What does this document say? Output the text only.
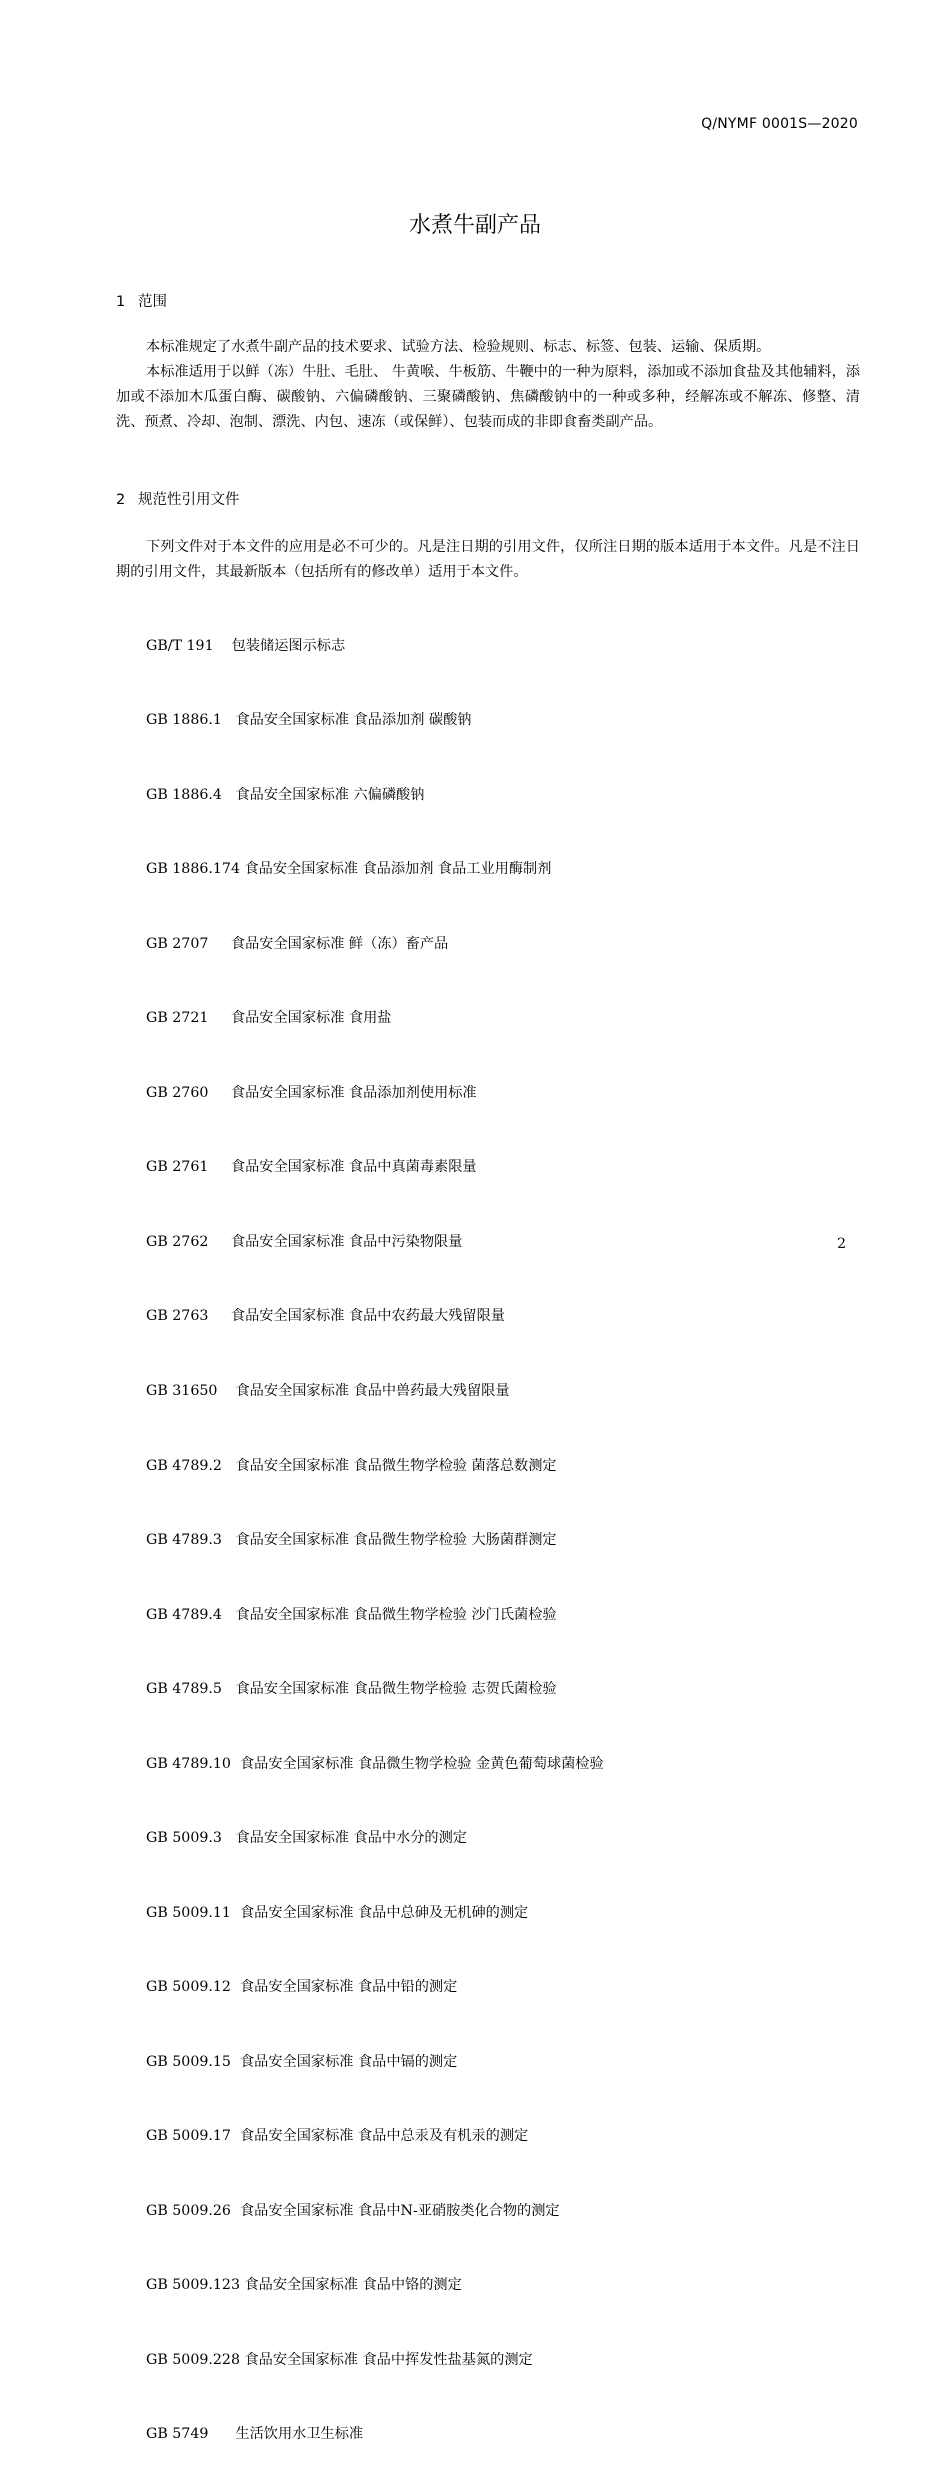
Q/NYMF 0001S—2020
水煮牛副产品
1 范围

本标准规定了水煮牛副产品的技术要求、试验方法、检验规则、标志、标签、包装、运输、保质期。

本标准适用于以鲜（冻）牛肚、毛肚、 牛黄喉、牛板筋、牛鞭中的一种为原料，添加或不添加食盐及其他辅料，添加或不添加木瓜蛋白酶、碳酸钠、六偏磷酸钠、三聚磷酸钠、焦磷酸钠中的一种或多种，经解冻或不解冻、修整、清洗、预煮、冷却、泡制、漂洗、内包、速冻（或保鲜）、包装而成的非即食畜类副产品。

2 规范性引用文件

下列文件对于本文件的应用是必不可少的。凡是注日期的引用文件，仅所注日期的版本适用于本文件。凡是不注日期的引用文件，其最新版本（包括所有的修改单）适用于本文件。

GB/T 191    包装储运图示标志

GB 1886.1   食品安全国家标准 食品添加剂 碳酸钠

GB 1886.4   食品安全国家标准 六偏磷酸钠

GB 1886.174 食品安全国家标准 食品添加剂 食品工业用酶制剂

GB 2707     食品安全国家标准 鲜（冻）畜产品

GB 2721     食品安全国家标准 食用盐

GB 2760     食品安全国家标准 食品添加剂使用标准

GB 2761     食品安全国家标准 食品中真菌毒素限量

GB 2762     食品安全国家标准 食品中污染物限量

GB 2763     食品安全国家标准 食品中农药最大残留限量

GB 31650    食品安全国家标准 食品中兽药最大残留限量

GB 4789.2   食品安全国家标准 食品微生物学检验 菌落总数测定

GB 4789.3   食品安全国家标准 食品微生物学检验 大肠菌群测定

GB 4789.4   食品安全国家标准 食品微生物学检验 沙门氏菌检验

GB 4789.5   食品安全国家标准 食品微生物学检验 志贺氏菌检验

GB 4789.10  食品安全国家标准 食品微生物学检验 金黄色葡萄球菌检验

GB 5009.3   食品安全国家标准 食品中水分的测定

GB 5009.11  食品安全国家标准 食品中总砷及无机砷的测定

GB 5009.12  食品安全国家标准 食品中铅的测定

GB 5009.15  食品安全国家标准 食品中镉的测定

GB 5009.17  食品安全国家标准 食品中总汞及有机汞的测定

GB 5009.26  食品安全国家标准 食品中N-亚硝胺类化合物的测定

GB 5009.123 食品安全国家标准 食品中铬的测定

GB 5009.228 食品安全国家标准 食品中挥发性盐基氮的测定

GB 5749      生活饮用水卫生标准

2
